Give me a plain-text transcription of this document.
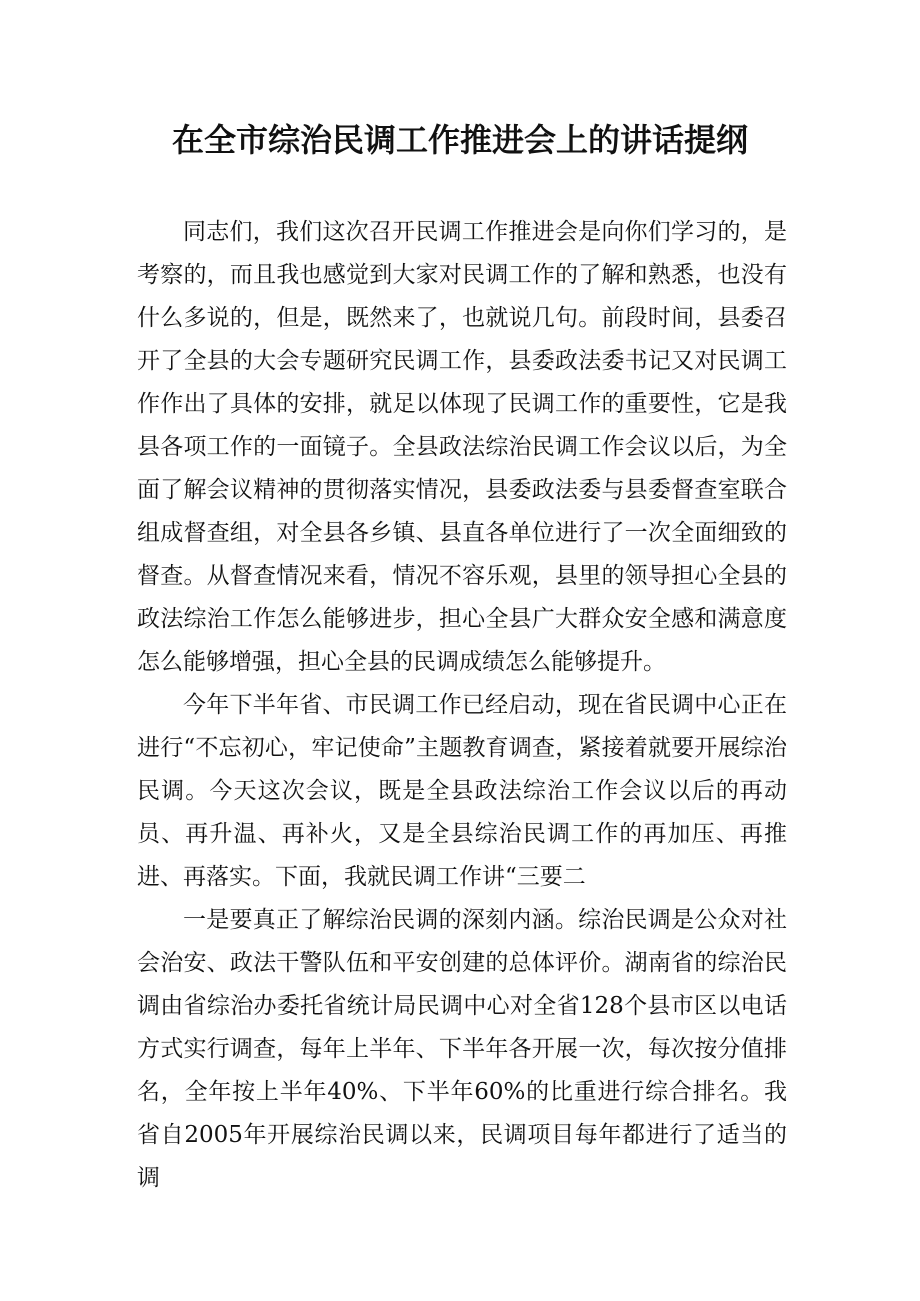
在全市综治民调工作推进会上的讲话提纲

同志们，我们这次召开民调工作推进会是向你们学习的，是考察的，而且我也感觉到大家对民调工作的了解和熟悉，也没有什么多说的，但是，既然来了，也就说几句。前段时间，县委召开了全县的大会专题研究民调工作，县委政法委书记又对民调工作作出了具体的安排，就足以体现了民调工作的重要性，它是我县各项工作的一面镜子。全县政法综治民调工作会议以后，为全面了解会议精神的贯彻落实情况，县委政法委与县委督查室联合组成督查组，对全县各乡镇、县直各单位进行了一次全面细致的督查。从督查情况来看，情况不容乐观，县里的领导担心全县的政法综治工作怎么能够进步，担心全县广大群众安全感和满意度怎么能够增强，担心全县的民调成绩怎么能够提升。

今年下半年省、市民调工作已经启动，现在省民调中心正在进行“不忘初心，牢记使命”主题教育调查，紧接着就要开展综治民调。今天这次会议，既是全县政法综治工作会议以后的再动员、再升温、再补火，又是全县综治民调工作的再加压、再推进、再落实。下面，我就民调工作讲“三要二

一是要真正了解综治民调的深刻内涵。综治民调是公众对社会治安、政法干警队伍和平安创建的总体评价。湖南省的综治民调由省综治办委托省统计局民调中心对全省128个县市区以电话方式实行调查，每年上半年、下半年各开展一次，每次按分值排名，全年按上半年40%、下半年60%的比重进行综合排名。我省自2005年开展综治民调以来，民调项目每年都进行了适当的调
